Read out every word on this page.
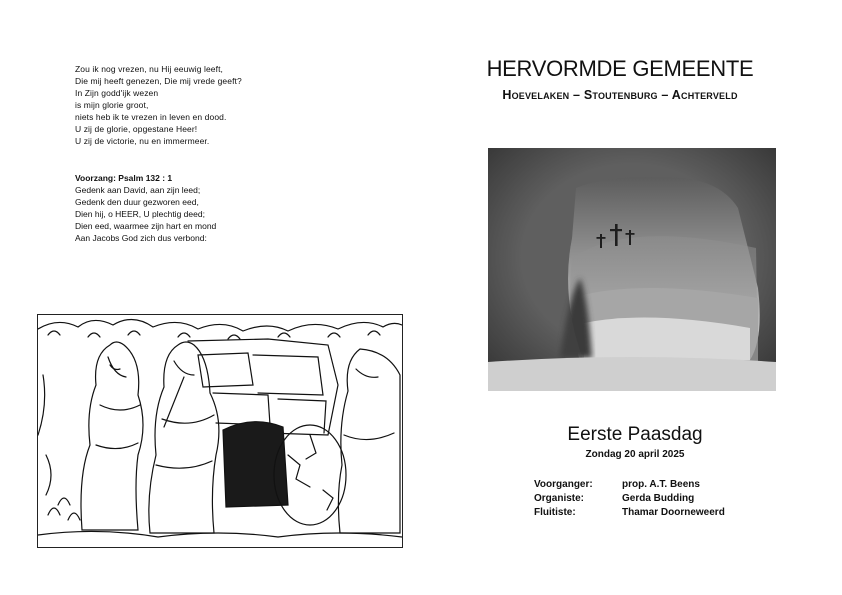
Zou ik nog vrezen, nu Hij eeuwig leeft,
Die mij heeft genezen, Die mij vrede geeft?
In Zijn godd'ijk wezen
is mijn glorie groot,
niets heb ik te vrezen in leven en dood.
U zij de glorie, opgestane Heer!
U zij de victorie, nu en immermeer.
Voorzang: Psalm 132 : 1
Gedenk aan David, aan zijn leed;
Gedenk den duur gezworen eed,
Dien hij, o HEER, U plechtig deed;
Dien eed, waarmee zijn hart en mond
Aan Jacobs God zich dus verbond:
HERVORMDE GEMEENTE
Hoevelaken – Stoutenburg – Achterveld
Eerste Paasdag
Zondag 20 april 2025
Voorganger:	prop. A.T. Beens
Organiste:	Gerda Budding
Fluitiste:	Thamar Doorneweerd
